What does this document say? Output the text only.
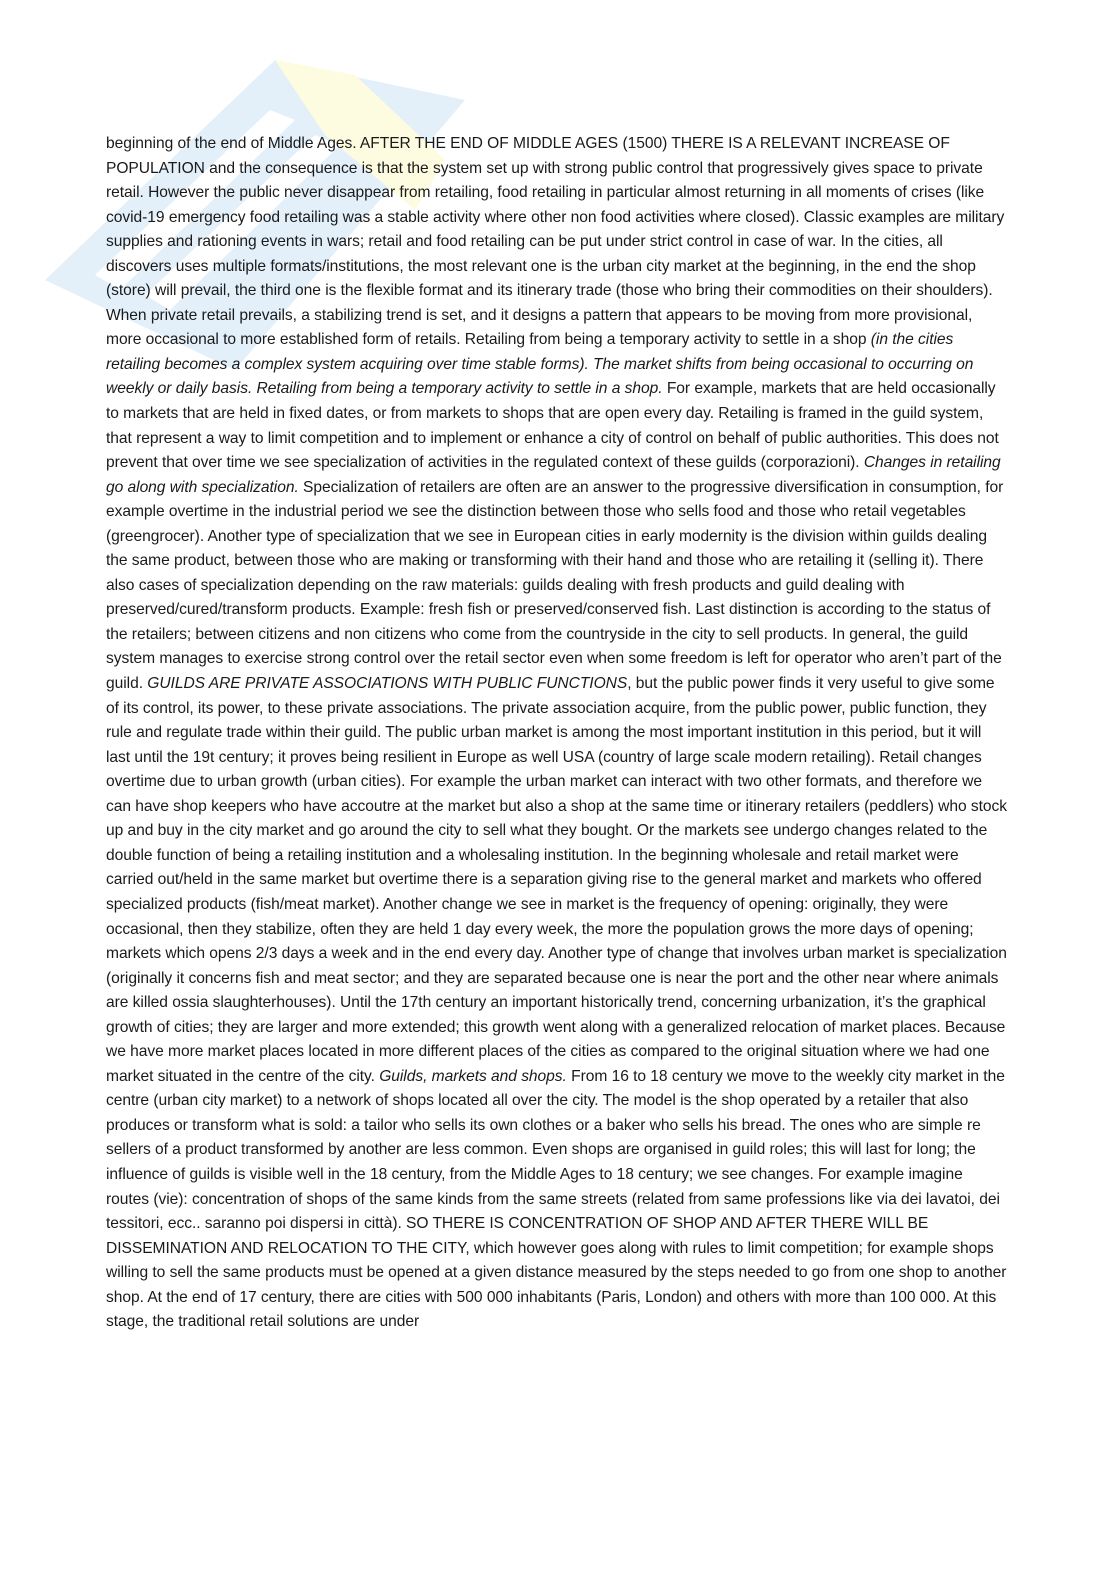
beginning of the end of Middle Ages. AFTER THE END OF MIDDLE AGES (1500) THERE IS A RELEVANT INCREASE OF POPULATION and the consequence is that the system set up with strong public control that progressively gives space to private retail. However the public never disappear from retailing, food retailing in particular almost returning in all moments of crises (like covid-19 emergency food retailing was a stable activity where other non food activities where closed). Classic examples are military supplies and rationing events in wars; retail and food retailing can be put under strict control in case of war. In the cities, all discovers uses multiple formats/institutions, the most relevant one is the urban city market at the beginning, in the end the shop (store) will prevail, the third one is the flexible format and its itinerary trade (those who bring their commodities on their shoulders). When private retail prevails, a stabilizing trend is set, and it designs a pattern that appears to be moving from more provisional, more occasional to more established form of retails. Retailing from being a temporary activity to settle in a shop (in the cities retailing becomes a complex system acquiring over time stable forms). The market shifts from being occasional to occurring on weekly or daily basis. Retailing from being a temporary activity to settle in a shop. For example, markets that are held occasionally to markets that are held in fixed dates, or from markets to shops that are open every day. Retailing is framed in the guild system, that represent a way to limit competition and to implement or enhance a city of control on behalf of public authorities. This does not prevent that over time we see specialization of activities in the regulated context of these guilds (corporazioni). Changes in retailing go along with specialization. Specialization of retailers are often are an answer to the progressive diversification in consumption, for example overtime in the industrial period we see the distinction between those who sells food and those who retail vegetables (greengrocer). Another type of specialization that we see in European cities in early modernity is the division within guilds dealing the same product, between those who are making or transforming with their hand and those who are retailing it (selling it). There also cases of specialization depending on the raw materials: guilds dealing with fresh products and guild dealing with preserved/cured/transform products. Example: fresh fish or preserved/conserved fish. Last distinction is according to the status of the retailers; between citizens and non citizens who come from the countryside in the city to sell products. In general, the guild system manages to exercise strong control over the retail sector even when some freedom is left for operator who aren’t part of the guild. GUILDS ARE PRIVATE ASSOCIATIONS WITH PUBLIC FUNCTIONS, but the public power finds it very useful to give some of its control, its power, to these private associations. The private association acquire, from the public power, public function, they rule and regulate trade within their guild. The public urban market is among the most important institution in this period, but it will last until the 19t century; it proves being resilient in Europe as well USA (country of large scale modern retailing). Retail changes overtime due to urban growth (urban cities). For example the urban market can interact with two other formats, and therefore we can have shop keepers who have accoutre at the market but also a shop at the same time or itinerary retailers (peddlers) who stock up and buy in the city market and go around the city to sell what they bought. Or the markets see undergo changes related to the double function of being a retailing institution and a wholesaling institution. In the beginning wholesale and retail market were carried out/held in the same market but overtime there is a separation giving rise to the general market and markets who offered specialized products (fish/meat market). Another change we see in market is the frequency of opening: originally, they were occasional, then they stabilize, often they are held 1 day every week, the more the population grows the more days of opening; markets which opens 2/3 days a week and in the end every day. Another type of change that involves urban market is specialization (originally it concerns fish and meat sector; and they are separated because one is near the port and the other near where animals are killed ossia slaughterhouses). Until the 17th century an important historically trend, concerning urbanization, it’s the graphical growth of cities; they are larger and more extended; this growth went along with a generalized relocation of market places. Because we have more market places located in more different places of the cities as compared to the original situation where we had one market situated in the centre of the city. Guilds, markets and shops. From 16 to 18 century we move to the weekly city market in the centre (urban city market) to a network of shops located all over the city. The model is the shop operated by a retailer that also produces or transform what is sold: a tailor who sells its own clothes or a baker who sells his bread. The ones who are simple re sellers of a product transformed by another are less common. Even shops are organised in guild roles; this will last for long; the influence of guilds is visible well in the 18 century, from the Middle Ages to 18 century; we see changes. For example imagine routes (vie): concentration of shops of the same kinds from the same streets (related from same professions like via dei lavatoi, dei tessitori, ecc.. saranno poi dispersi in città). SO THERE IS CONCENTRATION OF SHOP AND AFTER THERE WILL BE DISSEMINATION AND RELOCATION TO THE CITY, which however goes along with rules to limit competition; for example shops willing to sell the same products must be opened at a given distance measured by the steps needed to go from one shop to another shop. At the end of 17 century, there are cities with 500 000 inhabitants (Paris, London) and others with more than 100 000. At this stage, the traditional retail solutions are under
